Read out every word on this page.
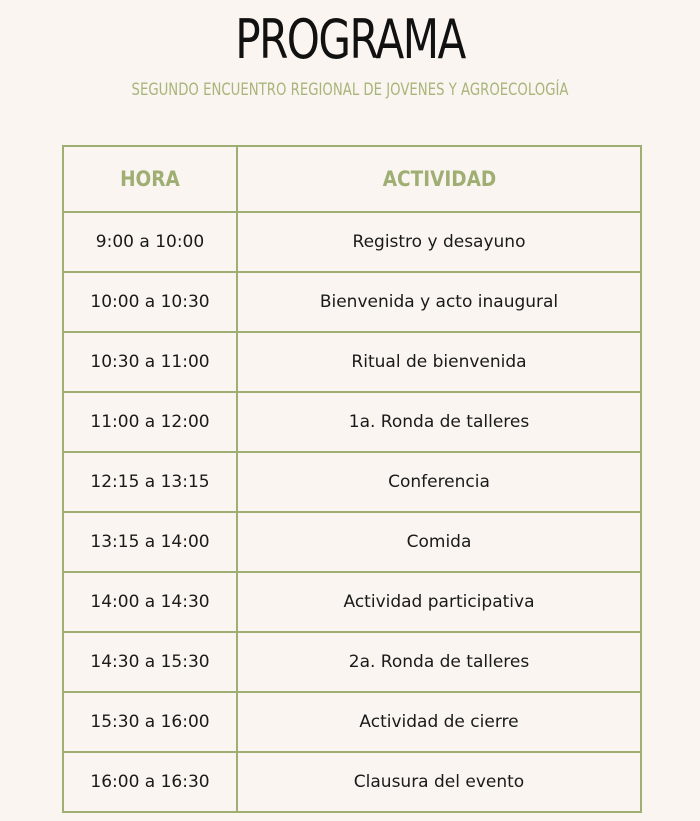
PROGRAMA
SEGUNDO ENCUENTRO REGIONAL DE JOVENES Y AGROECOLOGÍA
HORA	ACTIVIDAD
9:00 a 10:00	Registro y desayuno
10:00 a 10:30	Bienvenida y acto inaugural
10:30 a 11:00	Ritual de bienvenida
11:00 a 12:00	1a. Ronda de talleres
12:15 a 13:15	Conferencia
13:15 a 14:00	Comida
14:00 a 14:30	Actividad participativa
14:30 a 15:30	2a. Ronda de talleres
15:30 a 16:00	Actividad de cierre
16:00 a 16:30	Clausura del evento
